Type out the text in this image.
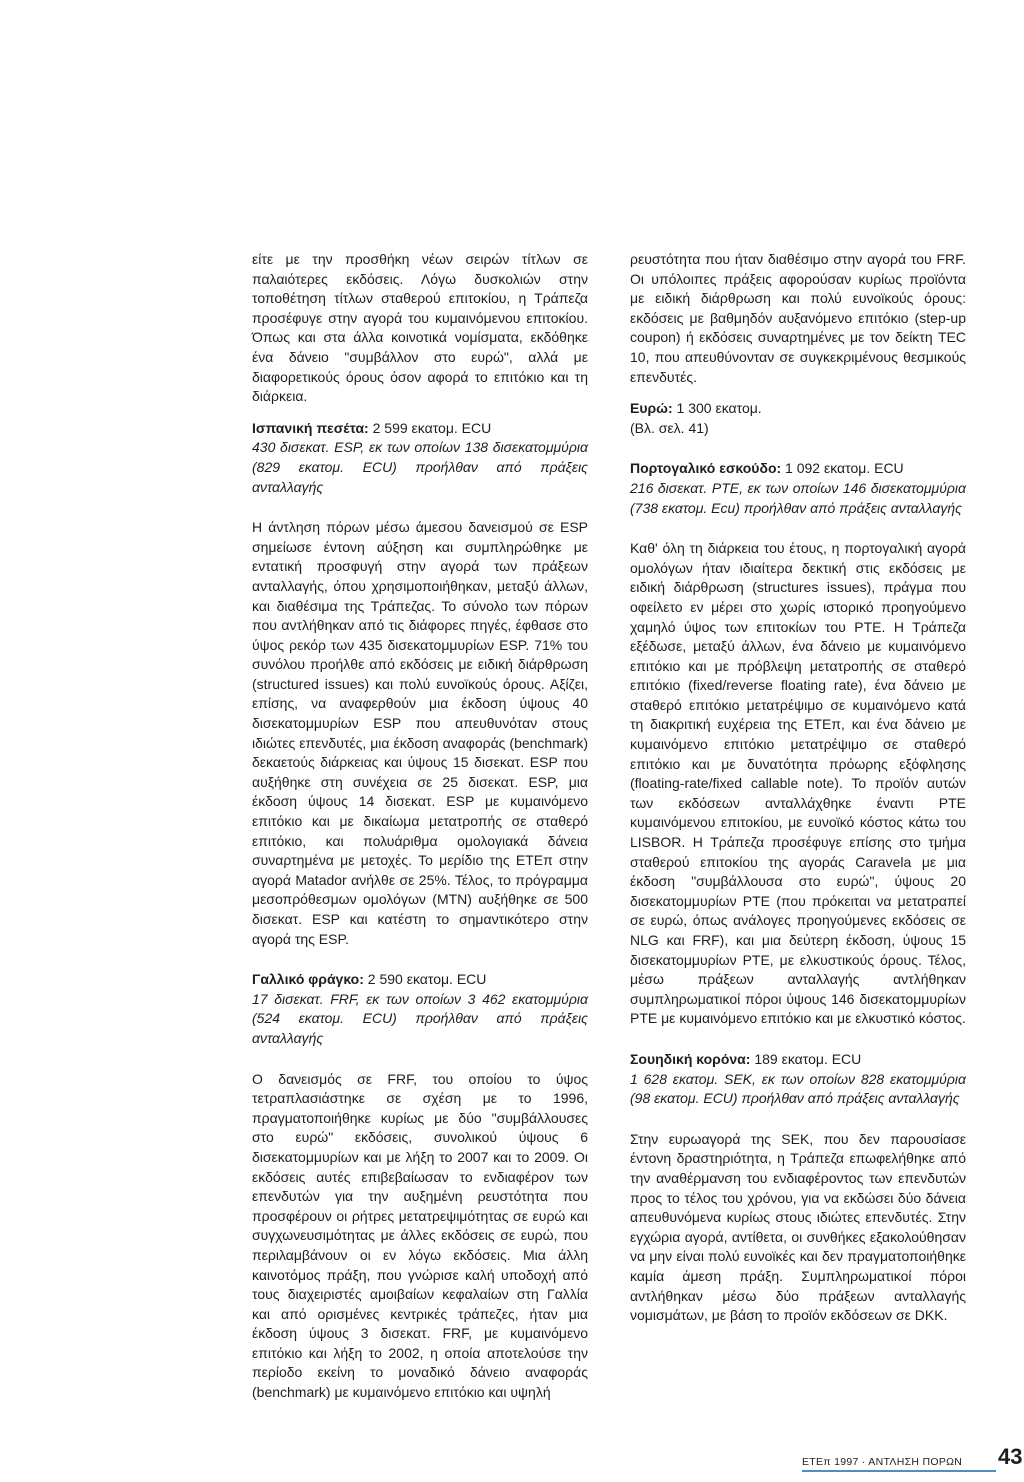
είτε με την προσθήκη νέων σειρών τίτλων σε παλαιότερες εκδόσεις. Λόγω δυσκολιών στην τοποθέτηση τίτλων σταθερού επιτοκίου, η Τράπεζα προσέφυγε στην αγορά του κυμαινόμενου επιτοκίου. Όπως και στα άλλα κοινοτικά νομίσματα, εκδόθηκε ένα δάνειο "συμβάλλον στο ευρώ", αλλά με διαφορετικούς όρους όσον αφορά το επιτόκιο και τη διάρκεια.

Ισπανική πεσέτα: 2 599 εκατομ. ECU
430 δισεκατ. ESP, εκ των οποίων 138 δισεκατομμύρια (829 εκατομ. ECU) προήλθαν από πράξεις ανταλλαγής

Η άντληση πόρων μέσω άμεσου δανεισμού σε ESP σημείωσε έντονη αύξηση και συμπληρώθηκε με εντατική προσφυγή στην αγορά των πράξεων ανταλλαγής, όπου χρησιμοποιήθηκαν, μεταξύ άλλων, και διαθέσιμα της Τράπεζας. Το σύνολο των πόρων που αντλήθηκαν από τις διάφορες πηγές, έφθασε στο ύψος ρεκόρ των 435 δισεκατομμυρίων ESP. 71% του συνόλου προήλθε από εκδόσεις με ειδική διάρθρωση (structured issues) και πολύ ευνοϊκούς όρους. Αξίζει, επίσης, να αναφερθούν μια έκδοση ύψους 40 δισεκατομμυρίων ESP που απευθυνόταν στους ιδιώτες επενδυτές, μια έκδοση αναφοράς (benchmark) δεκαετούς διάρκειας και ύψους 15 δισεκατ. ESP που αυξήθηκε στη συνέχεια σε 25 δισεκατ. ESP, μια έκδοση ύψους 14 δισεκατ. ESP με κυμαινόμενο επιτόκιο και με δικαίωμα μετατροπής σε σταθερό επιτόκιο, και πολυάριθμα ομολογιακά δάνεια συναρτημένα με μετοχές. Το μερίδιο της ΕΤΕπ στην αγορά Matador ανήλθε σε 25%. Τέλος, το πρόγραμμα μεσοπρόθεσμων ομολόγων (MTN) αυξήθηκε σε 500 δισεκατ. ESP και κατέστη το σημαντικότερο στην αγορά της ESP.

Γαλλικό φράγκο: 2 590 εκατομ. ECU
17 δισεκατ. FRF, εκ των οποίων 3 462 εκατομμύρια (524 εκατομ. ECU) προήλθαν από πράξεις ανταλλαγής

Ο δανεισμός σε FRF, του οποίου το ύψος τετραπλασιάστηκε σε σχέση με το 1996, πραγματοποιήθηκε κυρίως με δύο "συμβάλλουσες στο ευρώ" εκδόσεις, συνολικού ύψους 6 δισεκατομμυρίων και με λήξη το 2007 και το 2009. Οι εκδόσεις αυτές επιβεβαίωσαν το ενδιαφέρον των επενδυτών για την αυξημένη ρευστότητα που προσφέρουν οι ρήτρες μετατρεψιμότητας σε ευρώ και συγχωνευσιμότητας με άλλες εκδόσεις σε ευρώ, που περιλαμβάνουν οι εν λόγω εκδόσεις. Μια άλλη καινοτόμος πράξη, που γνώρισε καλή υποδοχή από τους διαχειριστές αμοιβαίων κεφαλαίων στη Γαλλία και από ορισμένες κεντρικές τράπεζες, ήταν μια έκδοση ύψους 3 δισεκατ. FRF, με κυμαινόμενο επιτόκιο και λήξη το 2002, η οποία αποτελούσε την περίοδο εκείνη το μοναδικό δάνειο αναφοράς (benchmark) με κυμαινόμενο επιτόκιο και υψηλή

ρευστότητα που ήταν διαθέσιμο στην αγορά του FRF. Οι υπόλοιπες πράξεις αφορούσαν κυρίως προϊόντα με ειδική διάρθρωση και πολύ ευνοϊκούς όρους: εκδόσεις με βαθμηδόν αυξανόμενο επιτόκιο (step-up coupon) ή εκδόσεις συναρτημένες με τον δείκτη TEC 10, που απευθύνονταν σε συγκεκριμένους θεσμικούς επενδυτές.

Ευρώ: 1 300 εκατομ.
(Βλ. σελ. 41)

Πορτογαλικό εσκούδο: 1 092 εκατομ. ECU
216 δισεκατ. PTE, εκ των οποίων 146 δισεκατομμύρια (738 εκατομ. Ecu) προήλθαν από πράξεις ανταλλαγής

Καθ' όλη τη διάρκεια του έτους, η πορτογαλική αγορά ομολόγων ήταν ιδιαίτερα δεκτική στις εκδόσεις με ειδική διάρθρωση (structures issues), πράγμα που οφείλετο εν μέρει στο χωρίς ιστορικό προηγούμενο χαμηλό ύψος των επιτοκίων του PTE. Η Τράπεζα εξέδωσε, μεταξύ άλλων, ένα δάνειο με κυμαινόμενο επιτόκιο και με πρόβλεψη μετατροπής σε σταθερό επιτόκιο (fixed/reverse floating rate), ένα δάνειο με σταθερό επιτόκιο μετατρέψιμο σε κυμαινόμενο κατά τη διακριτική ευχέρεια της ΕΤΕπ, και ένα δάνειο με κυμαινόμενο επιτόκιο μετατρέψιμο σε σταθερό επιτόκιο και με δυνατότητα πρόωρης εξόφλησης (floating-rate/fixed callable note). Το προϊόν αυτών των εκδόσεων ανταλλάχθηκε έναντι PTE κυμαινόμενου επιτοκίου, με ευνοϊκό κόστος κάτω του LISBOR. Η Τράπεζα προσέφυγε επίσης στο τμήμα σταθερού επιτοκίου της αγοράς Caravela με μια έκδοση "συμβάλλουσα στο ευρώ", ύψους 20 δισεκατομμυρίων PTE (που πρόκειται να μετατραπεί σε ευρώ, όπως ανάλογες προηγούμενες εκδόσεις σε NLG και FRF), και μια δεύτερη έκδοση, ύψους 15 δισεκατομμυρίων PTE, με ελκυστικούς όρους. Τέλος, μέσω πράξεων ανταλλαγής αντλήθηκαν συμπληρωματικοί πόροι ύψους 146 δισεκατομμυρίων PTE με κυμαινόμενο επιτόκιο και με ελκυστικό κόστος.

Σουηδική κορόνα: 189 εκατομ. ECU
1 628 εκατομ. SEK, εκ των οποίων 828 εκατομμύρια (98 εκατομ. ECU) προήλθαν από πράξεις ανταλλαγής

Στην ευρωαγορά της SEK, που δεν παρουσίασε έντονη δραστηριότητα, η Τράπεζα επωφελήθηκε από την αναθέρμανση του ενδιαφέροντος των επενδυτών προς το τέλος του χρόνου, για να εκδώσει δύο δάνεια απευθυνόμενα κυρίως στους ιδιώτες επενδυτές. Στην εγχώρια αγορά, αντίθετα, οι συνθήκες εξακολούθησαν να μην είναι πολύ ευνοϊκές και δεν πραγματοποιήθηκε καμία άμεση πράξη. Συμπληρωματικοί πόροι αντλήθηκαν μέσω δύο πράξεων ανταλλαγής νομισμάτων, με βάση το προϊόν εκδόσεων σε DKK.

ΕΤΕπ 1997 · ΑΝΤΛΗΣΗ ΠΟΡΩΝ 43
